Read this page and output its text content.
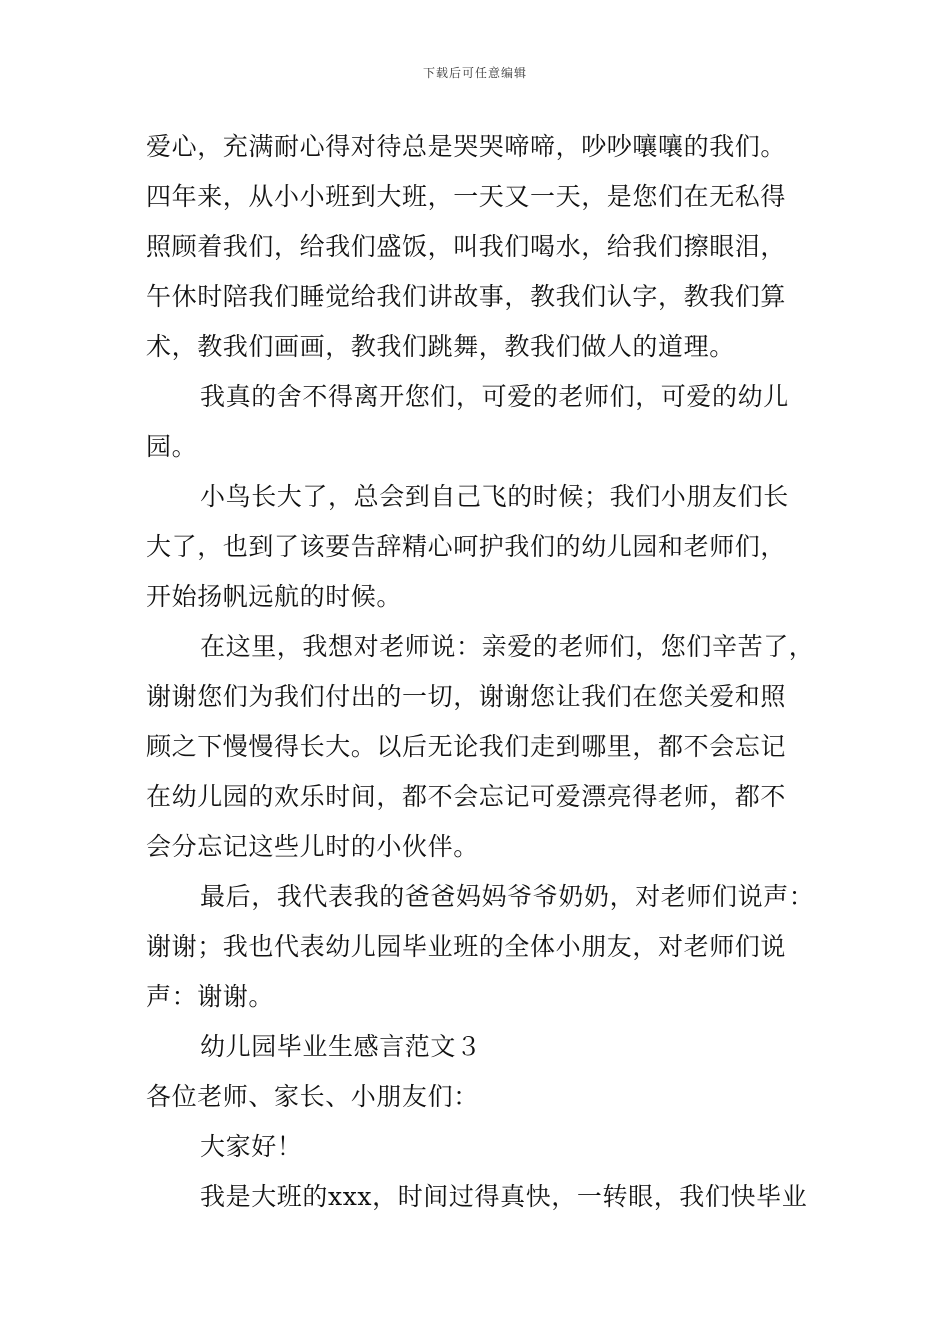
下载后可任意编辑
爱心，充满耐心得对待总是哭哭啼啼，吵吵嚷嚷的我们。
四年来，从小小班到大班，一天又一天，是您们在无私得
照顾着我们，给我们盛饭，叫我们喝水，给我们擦眼泪，
午休时陪我们睡觉给我们讲故事，教我们认字，教我们算
术，教我们画画，教我们跳舞，教我们做人的道理。
我真的舍不得离开您们，可爱的老师们，可爱的幼儿
园。
小鸟长大了，总会到自己飞的时候；我们小朋友们长
大了，也到了该要告辞精心呵护我们的幼儿园和老师们，
开始扬帆远航的时候。
在这里，我想对老师说：亲爱的老师们，您们辛苦了，
谢谢您们为我们付出的一切，谢谢您让我们在您关爱和照
顾之下慢慢得长大。以后无论我们走到哪里，都不会忘记
在幼儿园的欢乐时间，都不会忘记可爱漂亮得老师，都不
会分忘记这些儿时的小伙伴。
最后，我代表我的爸爸妈妈爷爷奶奶，对老师们说声：
谢谢；我也代表幼儿园毕业班的全体小朋友，对老师们说
声：谢谢。
幼儿园毕业生感言范文３
各位老师、家长、小朋友们：
大家好！
我是大班的xxx，时间过得真快，一转眼，我们快毕业
